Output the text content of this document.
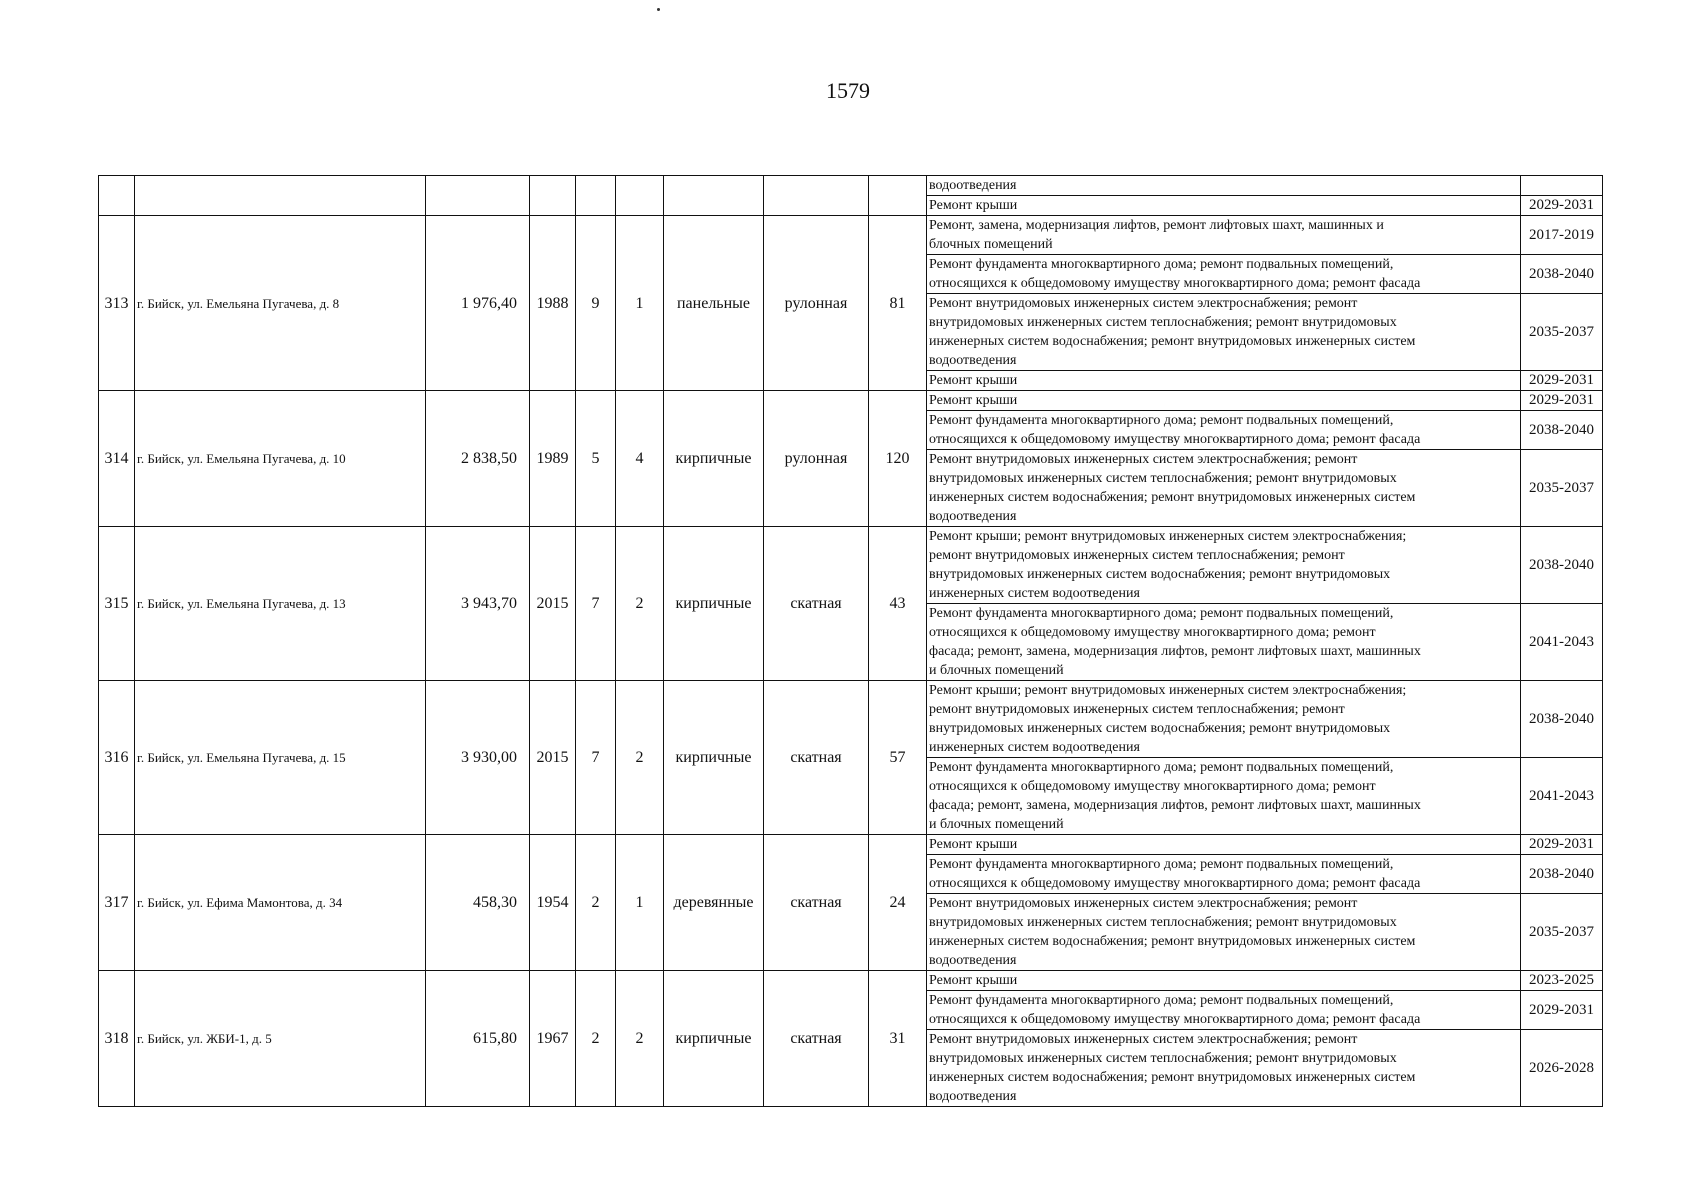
1579
									водоотведения	
									Ремонт крыши	2029-2031
313	г. Бийск, ул. Емельяна Пугачева, д. 8	1 976,40	1988	9	1	панельные	рулонная	81	Ремонт, замена, модернизация лифтов, ремонт лифтовых шахт, машинных и
блочных помещений	2017-2019
									Ремонт фундамента многоквартирного дома; ремонт подвальных помещений,
относящихся к общедомовому имуществу многоквартирного дома; ремонт фасада	2038-2040
									Ремонт внутридомовых инженерных систем электроснабжения; ремонт
внутридомовых инженерных систем теплоснабжения; ремонт внутридомовых
инженерных систем водоснабжения; ремонт внутридомовых инженерных систем
водоотведения	2035-2037
									Ремонт крыши	2029-2031
314	г. Бийск, ул. Емельяна Пугачева, д. 10	2 838,50	1989	5	4	кирпичные	рулонная	120	Ремонт крыши	2029-2031
									Ремонт фундамента многоквартирного дома; ремонт подвальных помещений,
относящихся к общедомовому имуществу многоквартирного дома; ремонт фасада	2038-2040
									Ремонт внутридомовых инженерных систем электроснабжения; ремонт
внутридомовых инженерных систем теплоснабжения; ремонт внутридомовых
инженерных систем водоснабжения; ремонт внутридомовых инженерных систем
водоотведения	2035-2037
315	г. Бийск, ул. Емельяна Пугачева, д. 13	3 943,70	2015	7	2	кирпичные	скатная	43	Ремонт крыши; ремонт внутридомовых инженерных систем электроснабжения;
ремонт внутридомовых инженерных систем теплоснабжения; ремонт
внутридомовых инженерных систем водоснабжения; ремонт внутридомовых
инженерных систем водоотведения	2038-2040
									Ремонт фундамента многоквартирного дома; ремонт подвальных помещений,
относящихся к общедомовому имуществу многоквартирного дома; ремонт
фасада; ремонт, замена, модернизация лифтов, ремонт лифтовых шахт, машинных
и блочных помещений	2041-2043
316	г. Бийск, ул. Емельяна Пугачева, д. 15	3 930,00	2015	7	2	кирпичные	скатная	57	Ремонт крыши; ремонт внутридомовых инженерных систем электроснабжения;
ремонт внутридомовых инженерных систем теплоснабжения; ремонт
внутридомовых инженерных систем водоснабжения; ремонт внутридомовых
инженерных систем водоотведения	2038-2040
									Ремонт фундамента многоквартирного дома; ремонт подвальных помещений,
относящихся к общедомовому имуществу многоквартирного дома; ремонт
фасада; ремонт, замена, модернизация лифтов, ремонт лифтовых шахт, машинных
и блочных помещений	2041-2043
317	г. Бийск, ул. Ефима Мамонтова, д. 34	458,30	1954	2	1	деревянные	скатная	24	Ремонт крыши	2029-2031
									Ремонт фундамента многоквартирного дома; ремонт подвальных помещений,
относящихся к общедомовому имуществу многоквартирного дома; ремонт фасада	2038-2040
									Ремонт внутридомовых инженерных систем электроснабжения; ремонт
внутридомовых инженерных систем теплоснабжения; ремонт внутридомовых
инженерных систем водоснабжения; ремонт внутридомовых инженерных систем
водоотведения	2035-2037
318	г. Бийск, ул. ЖБИ-1, д. 5	615,80	1967	2	2	кирпичные	скатная	31	Ремонт крыши	2023-2025
									Ремонт фундамента многоквартирного дома; ремонт подвальных помещений,
относящихся к общедомовому имуществу многоквартирного дома; ремонт фасада	2029-2031
									Ремонт внутридомовых инженерных систем электроснабжения; ремонт
внутридомовых инженерных систем теплоснабжения; ремонт внутридомовых
инженерных систем водоснабжения; ремонт внутридомовых инженерных систем
водоотведения	2026-2028
